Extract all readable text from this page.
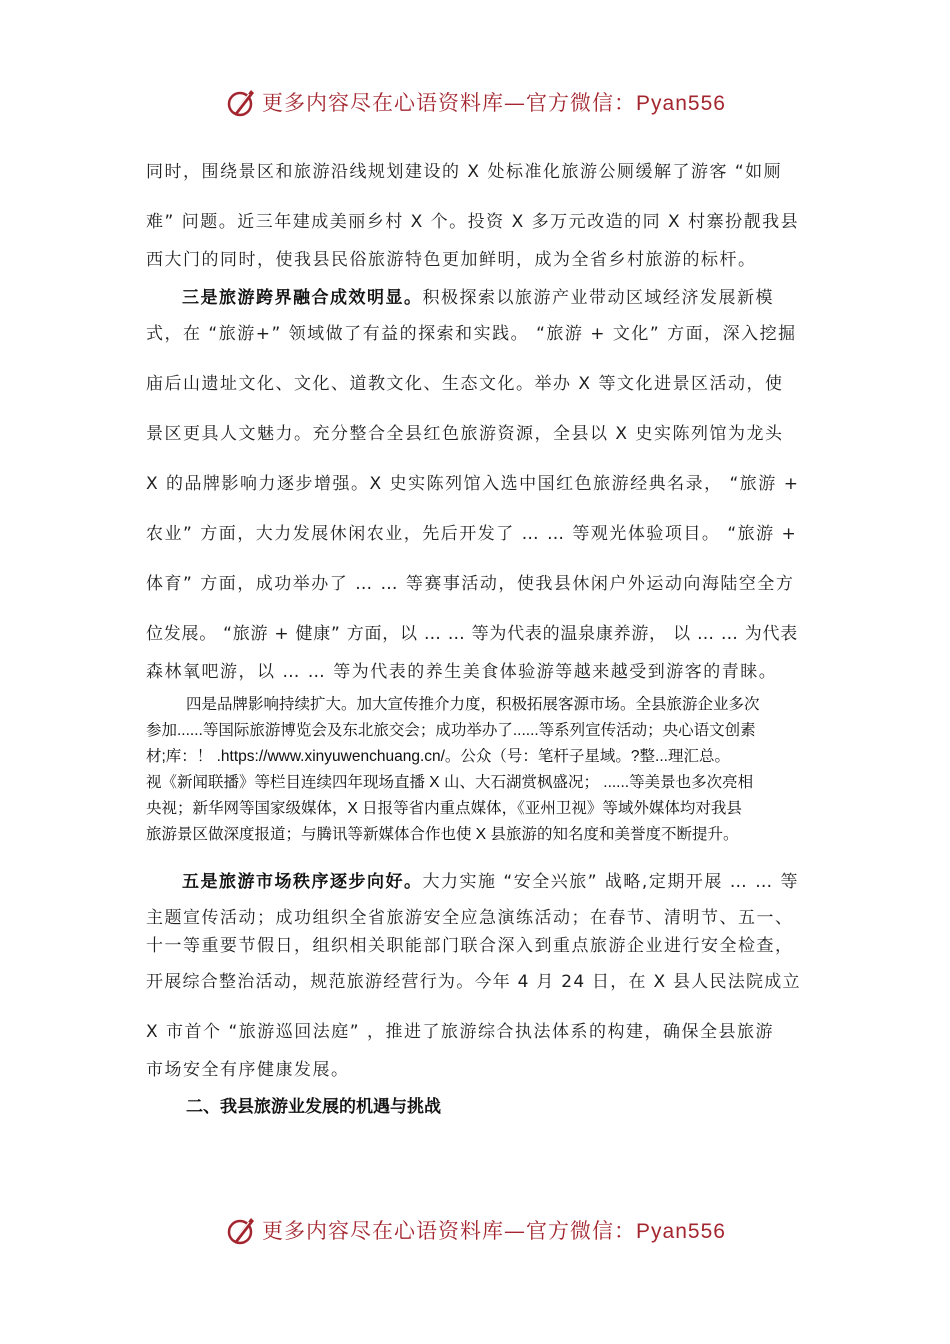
更多内容尽在心语资料库—官方微信：Pyan556

同时，围绕景区和旅游沿线规划建设的 X 处标准化旅游公厕缓解了游客 “如厕

难” 问题。近三年建成美丽乡村 X 个。投资 X 多万元改造的同 X 村寨扮靓我县

西大门的同时，使我县民俗旅游特色更加鲜明，成为全省乡村旅游的标杆。

三是旅游跨界融合成效明显。积极探索以旅游产业带动区域经济发展新模

式，在 “旅游+” 领域做了有益的探索和实践。 “旅游 + 文化” 方面，深入挖掘

庙后山遗址文化、文化、道教文化、生态文化。举办 X 等文化进景区活动，使

景区更具人文魅力。充分整合全县红色旅游资源，全县以 X 史实陈列馆为龙头

X 的品牌影响力逐步增强。X 史实陈列馆入选中国红色旅游经典名录， “旅游 +

农业” 方面，大力发展休闲农业，先后开发了 … … 等观光体验项目。 “旅游 +

体育” 方面，成功举办了 … … 等赛事活动，使我县休闲户外运动向海陆空全方

位发展。 “旅游 + 健康” 方面，以 … … 等为代表的温泉康养游， 以 … … 为代表

森林氧吧游，以 … … 等为代表的养生美食体验游等越来越受到游客的青睐。

四是品牌影响持续扩大。加大宣传推介力度，积极拓展客源市场。全县旅游企业多次

参加......等国际旅游博览会及东北旅交会；成功举办了......等系列宣传活动；央心语文创素

材;库：！ .https://www.xinyuwenchuang.cn/。公众（号：笔杆子星域。?整...理汇总。

视《新闻联播》等栏目连续四年现场直播 X 山、大石湖赏枫盛况； ......等美景也多次亮相

央视；新华网等国家级媒体，X 日报等省内重点媒体，《亚州卫视》等域外媒体均对我县

旅游景区做深度报道；与腾讯等新媒体合作也使 X 县旅游的知名度和美誉度不断提升。

五是旅游市场秩序逐步向好。大力实施 “安全兴旅” 战略,定期开展 … … 等

主题宣传活动；成功组织全省旅游安全应急演练活动；在春节、清明节、五一、

十一等重要节假日，组织相关职能部门联合深入到重点旅游企业进行安全检查，

开展综合整治活动，规范旅游经营行为。今年 4 月 24 日，在 X 县人民法院成立

X 市首个 “旅游巡回法庭” ，推进了旅游综合执法体系的构建，确保全县旅游

市场安全有序健康发展。

二、我县旅游业发展的机遇与挑战

更多内容尽在心语资料库—官方微信：Pyan556
